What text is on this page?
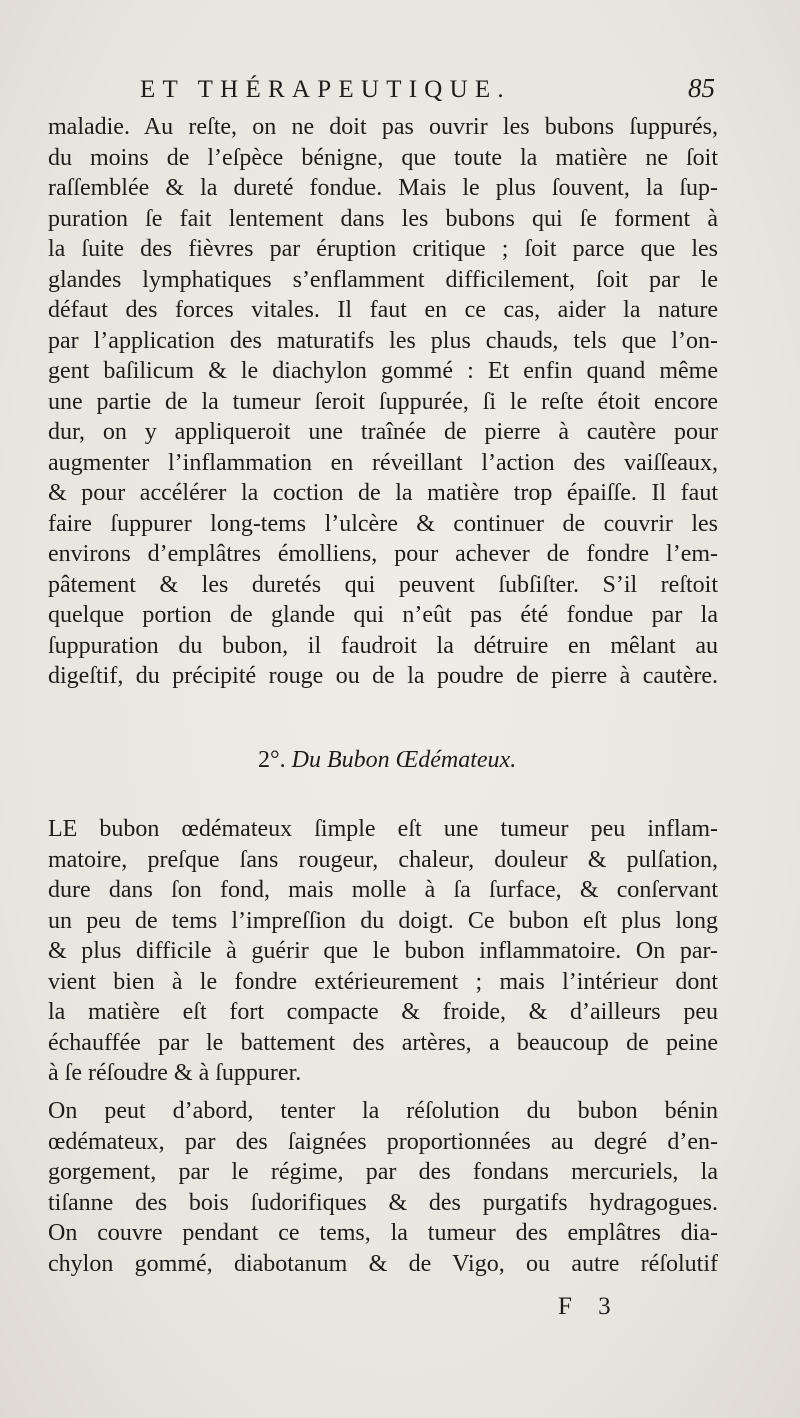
ET THÉRAPEUTIQUE.	85
maladie. Au reſte, on ne doit pas ouvrir les bubons ſuppurés,
du moins de l’eſpèce bénigne, que toute la matière ne ſoit
raſſemblée & la dureté fondue. Mais le plus ſouvent, la ſup-
puration ſe fait lentement dans les bubons qui ſe forment à
la ſuite des fièvres par éruption critique ; ſoit parce que les
glandes lymphatiques s’enflamment difficilement, ſoit par le
défaut des forces vitales. Il faut en ce cas, aider la nature
par l’application des maturatifs les plus chauds, tels que l’on-
gent baſilicum & le diachylon gommé : Et enfin quand même
une partie de la tumeur ſeroit ſuppurée, ſi le reſte étoit encore
dur, on y appliqueroit une traînée de pierre à cautère pour
augmenter l’inflammation en réveillant l’action des vaiſſeaux,
& pour accélérer la coction de la matière trop épaiſſe. Il faut
faire ſuppurer long-tems l’ulcère & continuer de couvrir les
environs d’emplâtres émolliens, pour achever de fondre l’em-
pâtement & les duretés qui peuvent ſubſiſter. S’il reſtoit
quelque portion de glande qui n’eût pas été fondue par la
ſuppuration du bubon, il faudroit la détruire en mêlant au
digeſtif, du précipité rouge ou de la poudre de pierre à cautère.
2°. Du Bubon Œdémateux.
LE bubon œdémateux ſimple eſt une tumeur peu inflam-
matoire, preſque ſans rougeur, chaleur, douleur & pulſation,
dure dans ſon fond, mais molle à ſa ſurface, & conſervant
un peu de tems l’impreſſion du doigt. Ce bubon eſt plus long
& plus difficile à guérir que le bubon inflammatoire. On par-
vient bien à le fondre extérieurement ; mais l’intérieur dont
la matière eſt fort compacte & froide, & d’ailleurs peu
échauffée par le battement des artères, a beaucoup de peine
à ſe réſoudre & à ſuppurer.
On peut d’abord, tenter la réſolution du bubon bénin
œdémateux, par des ſaignées proportionnées au degré d’en-
gorgement, par le régime, par des fondans mercuriels, la
tiſanne des bois ſudorifiques & des purgatifs hydragogues.
On couvre pendant ce tems, la tumeur des emplâtres dia-
chylon gommé, diabotanum & de Vigo, ou autre réſolutif
F 3
